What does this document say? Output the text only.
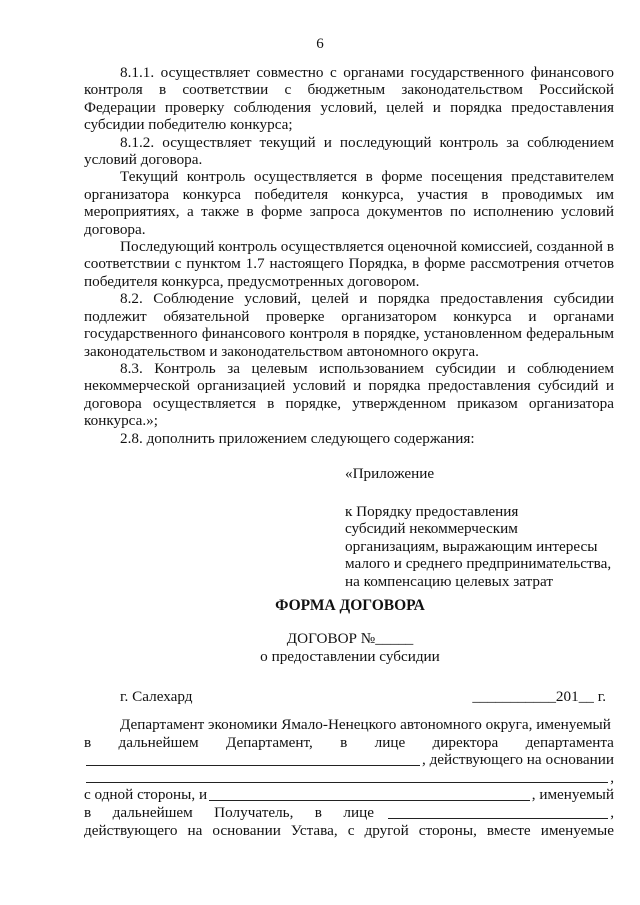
6

8.1.1. осуществляет совместно с органами государственного финансового контроля в соответствии с бюджетным законодательством Российской Федерации проверку соблюдения условий, целей и порядка предоставления субсидии победителю конкурса;

8.1.2. осуществляет текущий и последующий контроль за соблюдением условий договора.

Текущий контроль осуществляется в форме посещения представителем организатора конкурса победителя конкурса, участия в проводимых им мероприятиях, а также в форме запроса документов по исполнению условий договора.

Последующий контроль осуществляется оценочной комиссией, созданной в соответствии с пунктом 1.7 настоящего Порядка, в форме рассмотрения отчетов победителя конкурса, предусмотренных договором.

8.2. Соблюдение условий, целей и порядка предоставления субсидии подлежит обязательной проверке организатором конкурса и органами государственного финансового контроля в порядке, установленном федеральным законодательством и законодательством автономного округа.

8.3. Контроль за целевым использованием субсидии и соблюдением некоммерческой организацией условий и порядка предоставления субсидий и договора осуществляется в порядке, утвержденном приказом организатора конкурса.»;

2.8. дополнить приложением следующего содержания:

«Приложение
к Порядку предоставления
субсидий некоммерческим
организациям, выражающим интересы
малого и среднего предпринимательства,
на компенсацию целевых затрат
ФОРМА ДОГОВОРА
ДОГОВОР №_____
о предоставлении субсидии
г. Салехард	___________201__ г.

Департамент экономики Ямало-Ненецкого автономного округа, именуемый

в дальнейшем Департамент, в лице директора департамента
, действующего на основании
,
с одной стороны, и	, именуемый
в дальнейшем Получатель, в лице	,
действующего на основании Устава, с другой стороны, вместе именуемые
